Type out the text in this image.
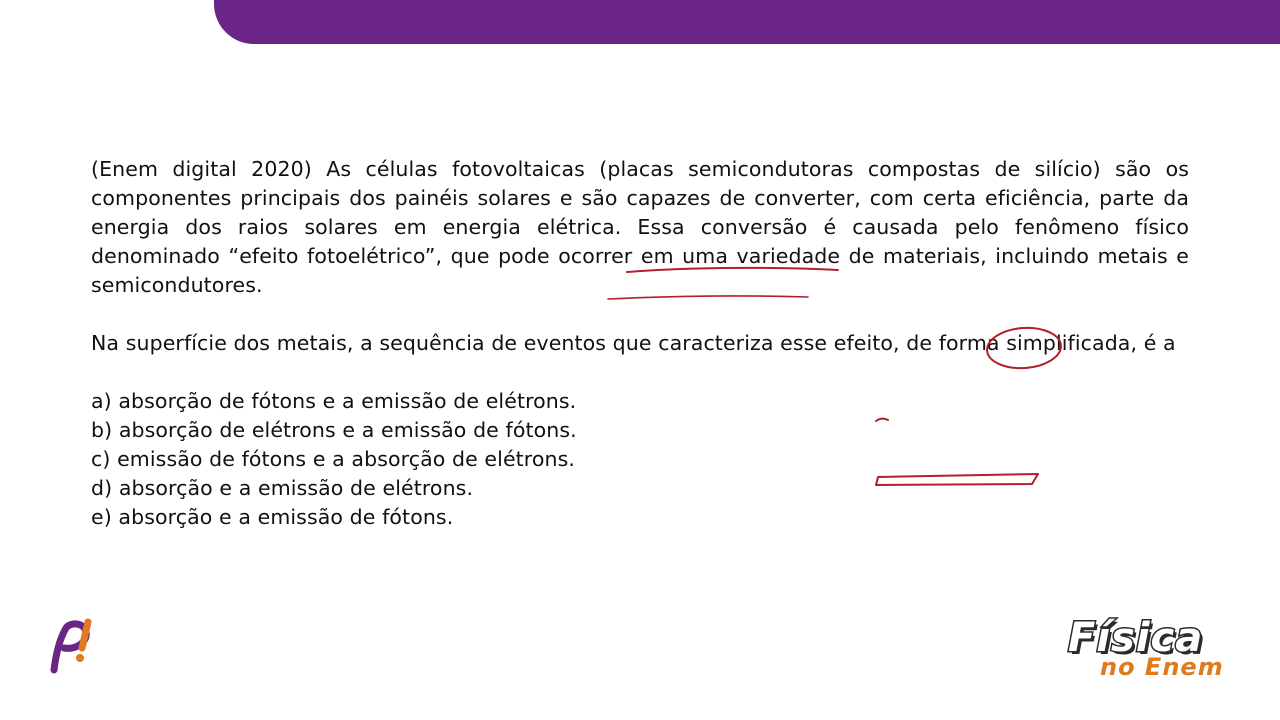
(Enem digital 2020) As células fotovoltaicas (placas semicondutoras compostas de silício) são os componentes principais dos painéis solares e são capazes de converter, com certa eficiência, parte da energia dos raios solares em energia elétrica. Essa conversão é causada pelo fenômeno físico denominado “efeito fotoelétrico”, que pode ocorrer em uma variedade de materiais, incluindo metais e semicondutores.

Na superfície dos metais, a sequência de eventos que caracteriza esse efeito, de forma simplificada, é a

a) absorção de fótons e a emissão de elétrons.
b) absorção de elétrons e a emissão de fótons.
c) emissão de fótons e a absorção de elétrons.
d) absorção e a emissão de elétrons.
e) absorção e a emissão de fótons.
Física
no Enem
